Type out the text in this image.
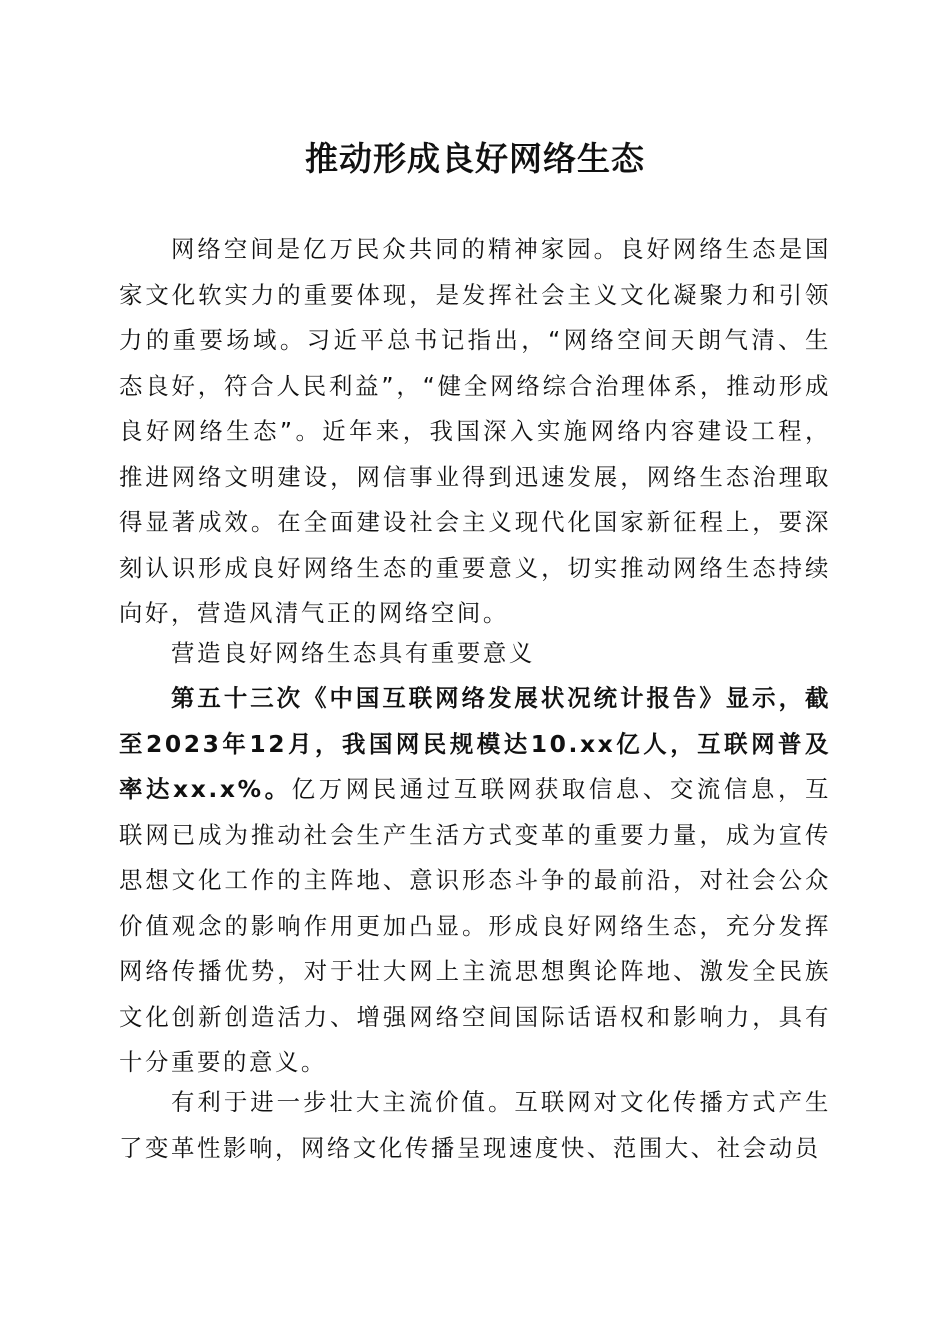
推动形成良好网络生态

网络空间是亿万民众共同的精神家园。良好网络生态是国家文化软实力的重要体现，是发挥社会主义文化凝聚力和引领力的重要场域。习近平总书记指出，“网络空间天朗气清、生态良好，符合人民利益”，“健全网络综合治理体系，推动形成良好网络生态”。近年来，我国深入实施网络内容建设工程，推进网络文明建设，网信事业得到迅速发展，网络生态治理取得显著成效。在全面建设社会主义现代化国家新征程上，要深刻认识形成良好网络生态的重要意义，切实推动网络生态持续向好，营造风清气正的网络空间。

营造良好网络生态具有重要意义

第五十三次《中国互联网络发展状况统计报告》显示，截至2023年12月，我国网民规模达10.xx亿人，互联网普及率达xx.x%。亿万网民通过互联网获取信息、交流信息，互联网已成为推动社会生产生活方式变革的重要力量，成为宣传思想文化工作的主阵地、意识形态斗争的最前沿，对社会公众价值观念的影响作用更加凸显。形成良好网络生态，充分发挥网络传播优势，对于壮大网上主流思想舆论阵地、激发全民族文化创新创造活力、增强网络空间国际话语权和影响力，具有十分重要的意义。

有利于进一步壮大主流价值。互联网对文化传播方式产生了变革性影响，网络文化传播呈现速度快、范围大、社会动员
